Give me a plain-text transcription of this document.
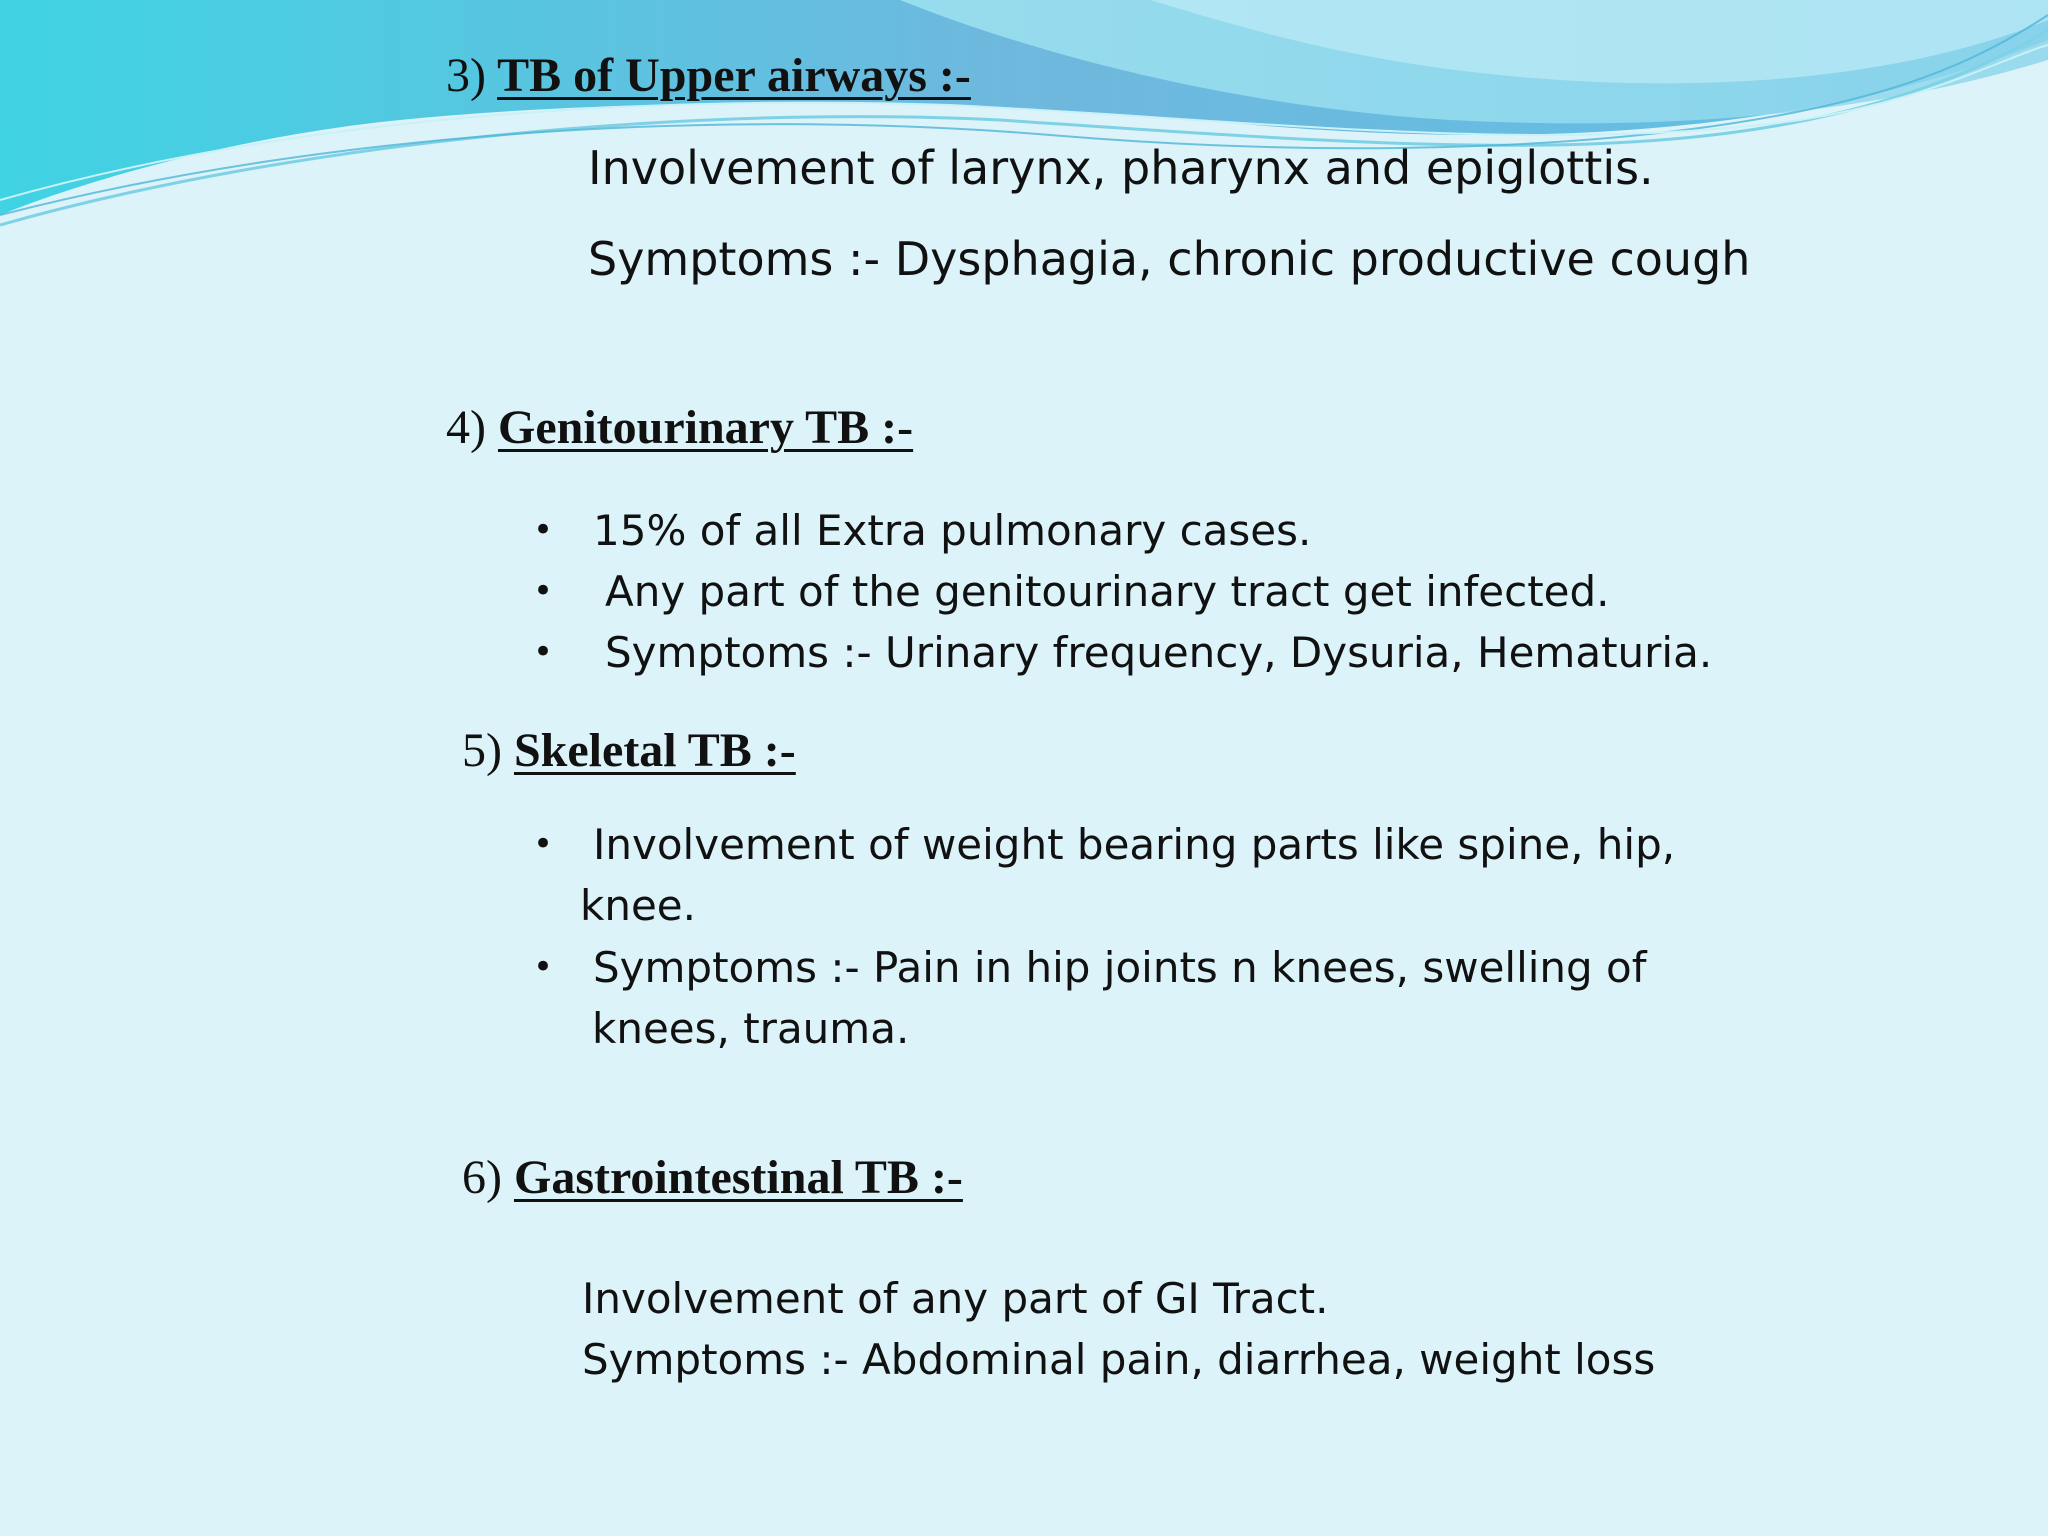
3) TB of Upper airways :-
Involvement of larynx, pharynx and epiglottis.
Symptoms :- Dysphagia, chronic productive cough
4) Genitourinary TB :-
• 15% of all Extra pulmonary cases.
• Any part of the genitourinary tract get infected.
• Symptoms :- Urinary frequency, Dysuria, Hematuria.
5) Skeletal TB :-
• Involvement of weight bearing parts like spine, hip,
knee.
• Symptoms :- Pain in hip joints n knees, swelling of
knees, trauma.
6) Gastrointestinal TB :-
Involvement of any part of GI Tract.
Symptoms :- Abdominal pain, diarrhea, weight loss
